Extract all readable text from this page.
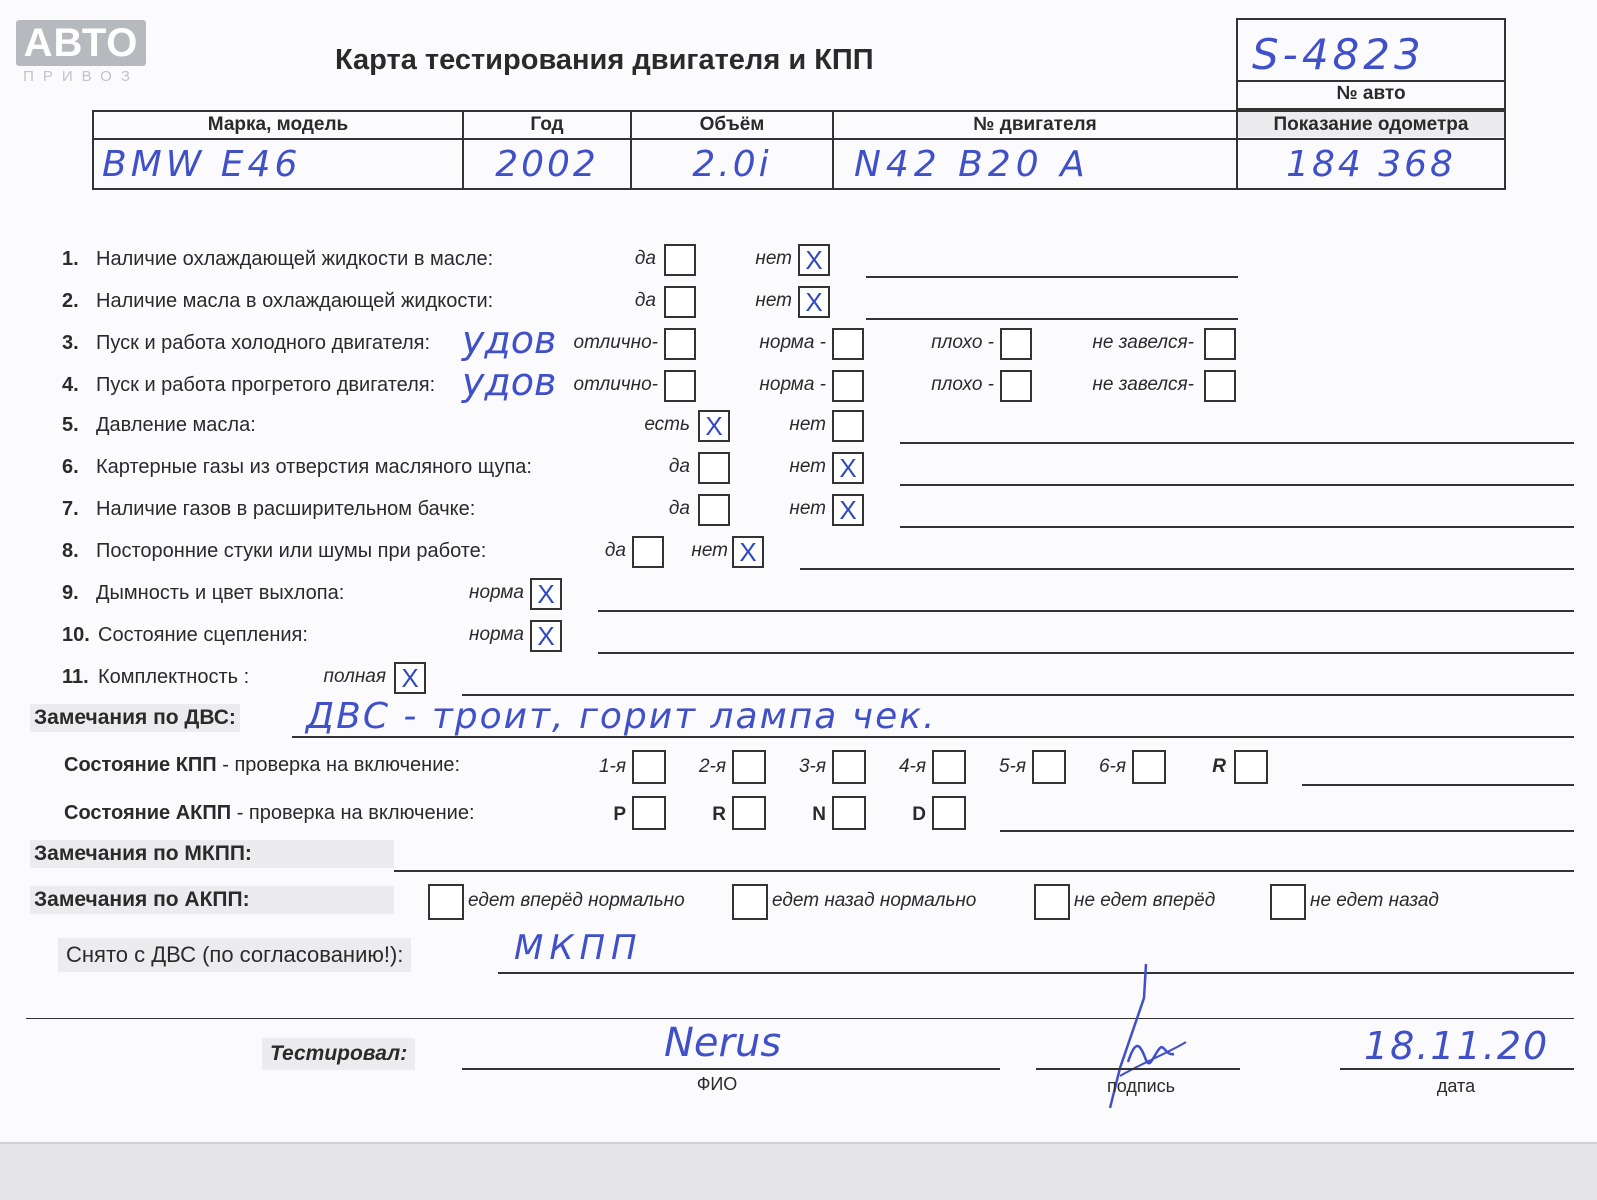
АВТО
ПРИВОЗ
Карта тестирования двигателя и КПП	S-4823
№ авто
Марка, модель	Год	Объём	№ двигателя	Показание одометра
BMW E46	2002	2.0i	N42 B20 A	184 368
1. Наличие охлаждающей жидкости в масле:	да	нет X
2. Наличие масла в охлаждающей жидкости:	да	нет X
3. Пуск и работа холодного двигателя: удов отлично-	норма -	плохо -	не завелся-
4. Пуск и работа прогретого двигателя: удов отлично-	норма -	плохо -	не завелся-
5. Давление масла:	есть X	нет
6. Картерные газы из отверстия масляного щупа:	да	нет X
7. Наличие газов в расширительном бачке:	да	нет X
8. Посторонние стуки или шумы при работе:	да	нет X
9. Дымность и цвет выхлопа:	норма X
10. Состояние сцепления:	норма X
11. Комплектность :	полная X
Замечания по ДВС: ДВС - троит, горит лампа чек.
Состояние КПП - проверка на включение:	1-я	2-я	3-я	4-я	5-я	6-я	R
Состояние АКПП - проверка на включение:	P	R	N	D
Замечания по МКПП:
Замечания по АКПП:	едет вперёд нормально	едет назад нормально	не едет вперёд	не едет назад
Снято с ДВС (по согласованию!):	МКПП
Тестировал:	Nerus
ФИО	подпись
18.11.20
дата
